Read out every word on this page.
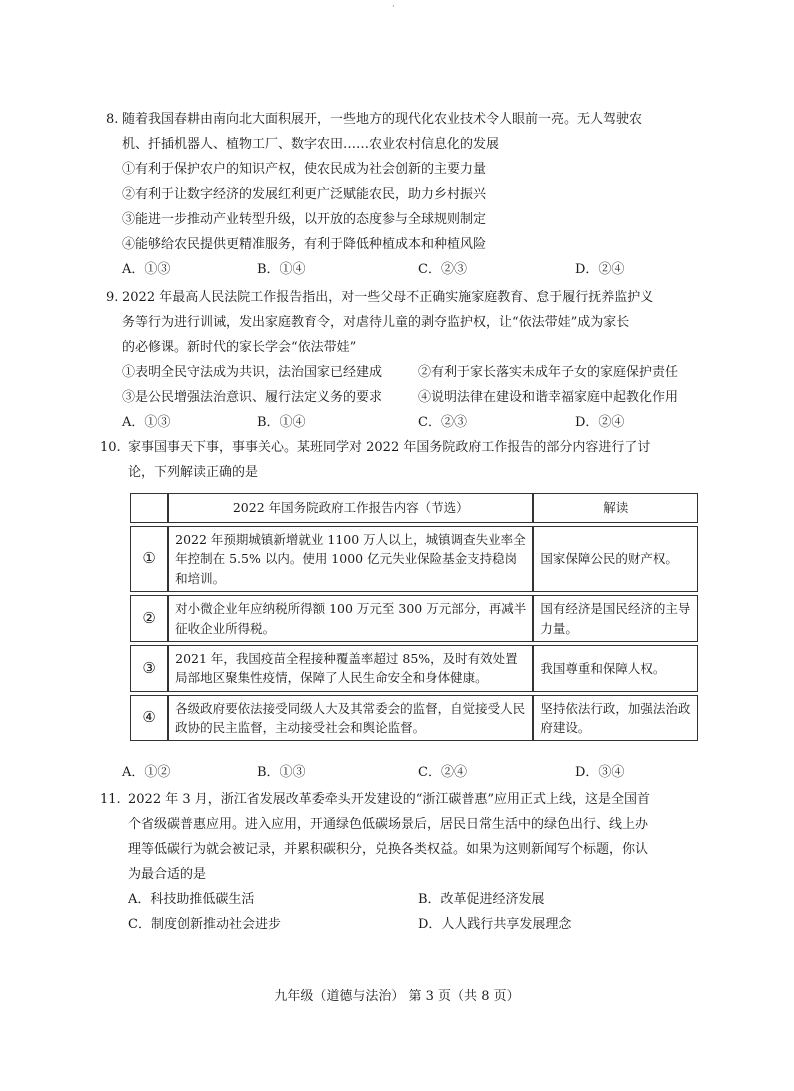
·
8. 随着我国春耕由南向北大面积展开，一些地方的现代化农业技术令人眼前一亮。无人驾驶农
机、扦插机器人、植物工厂、数字农田……农业农村信息化的发展
①有利于保护农户的知识产权，使农民成为社会创新的主要力量
②有利于让数字经济的发展红利更广泛赋能农民，助力乡村振兴
③能进一步推动产业转型升级，以开放的态度参与全球规则制定
④能够给农民提供更精准服务，有利于降低种植成本和种植风险
A．①③	B．①④	C．②③	D．②④
9. 2022 年最高人民法院工作报告指出，对一些父母不正确实施家庭教育、怠于履行抚养监护义
务等行为进行训诫，发出家庭教育令，对虐待儿童的剥夺监护权，让“依法带娃”成为家长
的必修课。新时代的家长学会“依法带娃”
①表明全民守法成为共识，法治国家已经建成	②有利于家长落实未成年子女的家庭保护责任
③是公民增强法治意识、履行法定义务的要求	④说明法律在建设和谐幸福家庭中起教化作用
A．①③	B．①④	C．②③	D．②④
10. 家事国事天下事，事事关心。某班同学对 2022 年国务院政府工作报告的部分内容进行了讨
论，下列解读正确的是
	2022 年国务院政府工作报告内容（节选）	解读
①	2022 年预期城镇新增就业 1100 万人以上，城镇调查失业率全年控制在 5.5% 以内。使用 1000 亿元失业保险基金支持稳岗和培训。	国家保障公民的财产权。
②	对小微企业年应纳税所得额 100 万元至 300 万元部分，再减半征收企业所得税。	国有经济是国民经济的主导力量。
③	2021 年，我国疫苗全程接种覆盖率超过 85%，及时有效处置局部地区聚集性疫情，保障了人民生命安全和身体健康。	我国尊重和保障人权。
④	各级政府要依法接受同级人大及其常委会的监督，自觉接受人民政协的民主监督，主动接受社会和舆论监督。	坚持依法行政，加强法治政府建设。
A．①②	B．①③	C．②④	D．③④
11. 2022 年 3 月，浙江省发展改革委牵头开发建设的“浙江碳普惠”应用正式上线，这是全国首
个省级碳普惠应用。进入应用，开通绿色低碳场景后，居民日常生活中的绿色出行、线上办
理等低碳行为就会被记录，并累积碳积分，兑换各类权益。如果为这则新闻写个标题，你认
为最合适的是
A．科技助推低碳生活	B．改革促进经济发展
C．制度创新推动社会进步	D．人人践行共享发展理念
九年级（道德与法治） 第 3 页（共 8 页）
